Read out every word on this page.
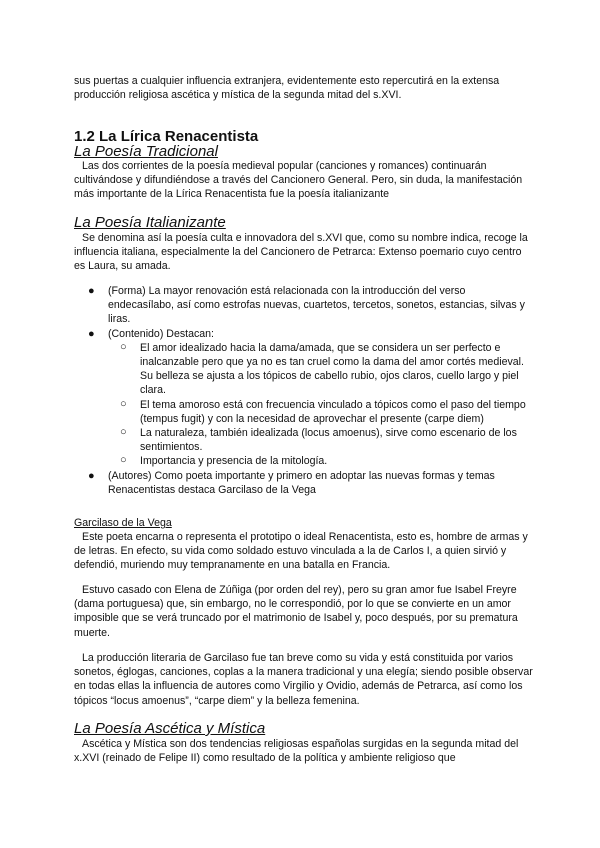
sus puertas a cualquier influencia extranjera, evidentemente esto repercutirá en la extensa producción religiosa ascética y mística de la segunda mitad del s.XVI.

1.2 La Lírica Renacentista
La Poesía Tradicional

Las dos corrientes de la poesía medieval popular (canciones y romances) continuarán cultivándose y difundiéndose a través del Cancionero General. Pero, sin duda, la manifestación más importante de la Lírica Renacentista fue la poesía italianizante

La Poesía Italianizante

Se denomina así la poesía culta e innovadora del s.XVI que, como su nombre indica, recoge la influencia italiana, especialmente la del Cancionero de Petrarca: Extenso poemario cuyo centro es Laura, su amada.

● (Forma) La mayor renovación está relacionada con la introducción del verso endecasílabo, así como estrofas nuevas, cuartetos, tercetos, sonetos, estancias, silvas y liras.
● (Contenido) Destacan:
○ El amor idealizado hacia la dama/amada, que se considera un ser perfecto e inalcanzable pero que ya no es tan cruel como la dama del amor cortés medieval. Su belleza se ajusta a los tópicos de cabello rubio, ojos claros, cuello largo y piel clara.
○ El tema amoroso está con frecuencia vinculado a tópicos como el paso del tiempo (tempus fugit) y con la necesidad de aprovechar el presente (carpe diem)
○ La naturaleza, también idealizada (locus amoenus), sirve como escenario de los sentimientos.
○ Importancia y presencia de la mitología.
● (Autores) Como poeta importante y primero en adoptar las nuevas formas y temas Renacentistas destaca Garcilaso de la Vega

Garcilaso de la Vega

Este poeta encarna o representa el prototipo o ideal Renacentista, esto es, hombre de armas y de letras. En efecto, su vida como soldado estuvo vinculada a la de Carlos I, a quien sirvió y defendió, muriendo muy tempranamente en una batalla en Francia.

Estuvo casado con Elena de Zúñiga (por orden del rey), pero su gran amor fue Isabel Freyre (dama portuguesa) que, sin embargo, no le correspondió, por lo que se convierte en un amor imposible que se verá truncado por el matrimonio de Isabel y, poco después, por su prematura muerte.

La producción literaria de Garcilaso fue tan breve como su vida y está constituida por varios sonetos, églogas, canciones, coplas a la manera tradicional y una elegía; siendo posible observar en todas ellas la influencia de autores como Virgilio y Ovidio, además de Petrarca, así como los tópicos “locus amoenus”, “carpe diem” y la belleza femenina.

La Poesía Ascética y Mística

Ascética y Mística son dos tendencias religiosas españolas surgidas en la segunda mitad del x.XVI (reinado de Felipe II) como resultado de la política y ambiente religioso que
